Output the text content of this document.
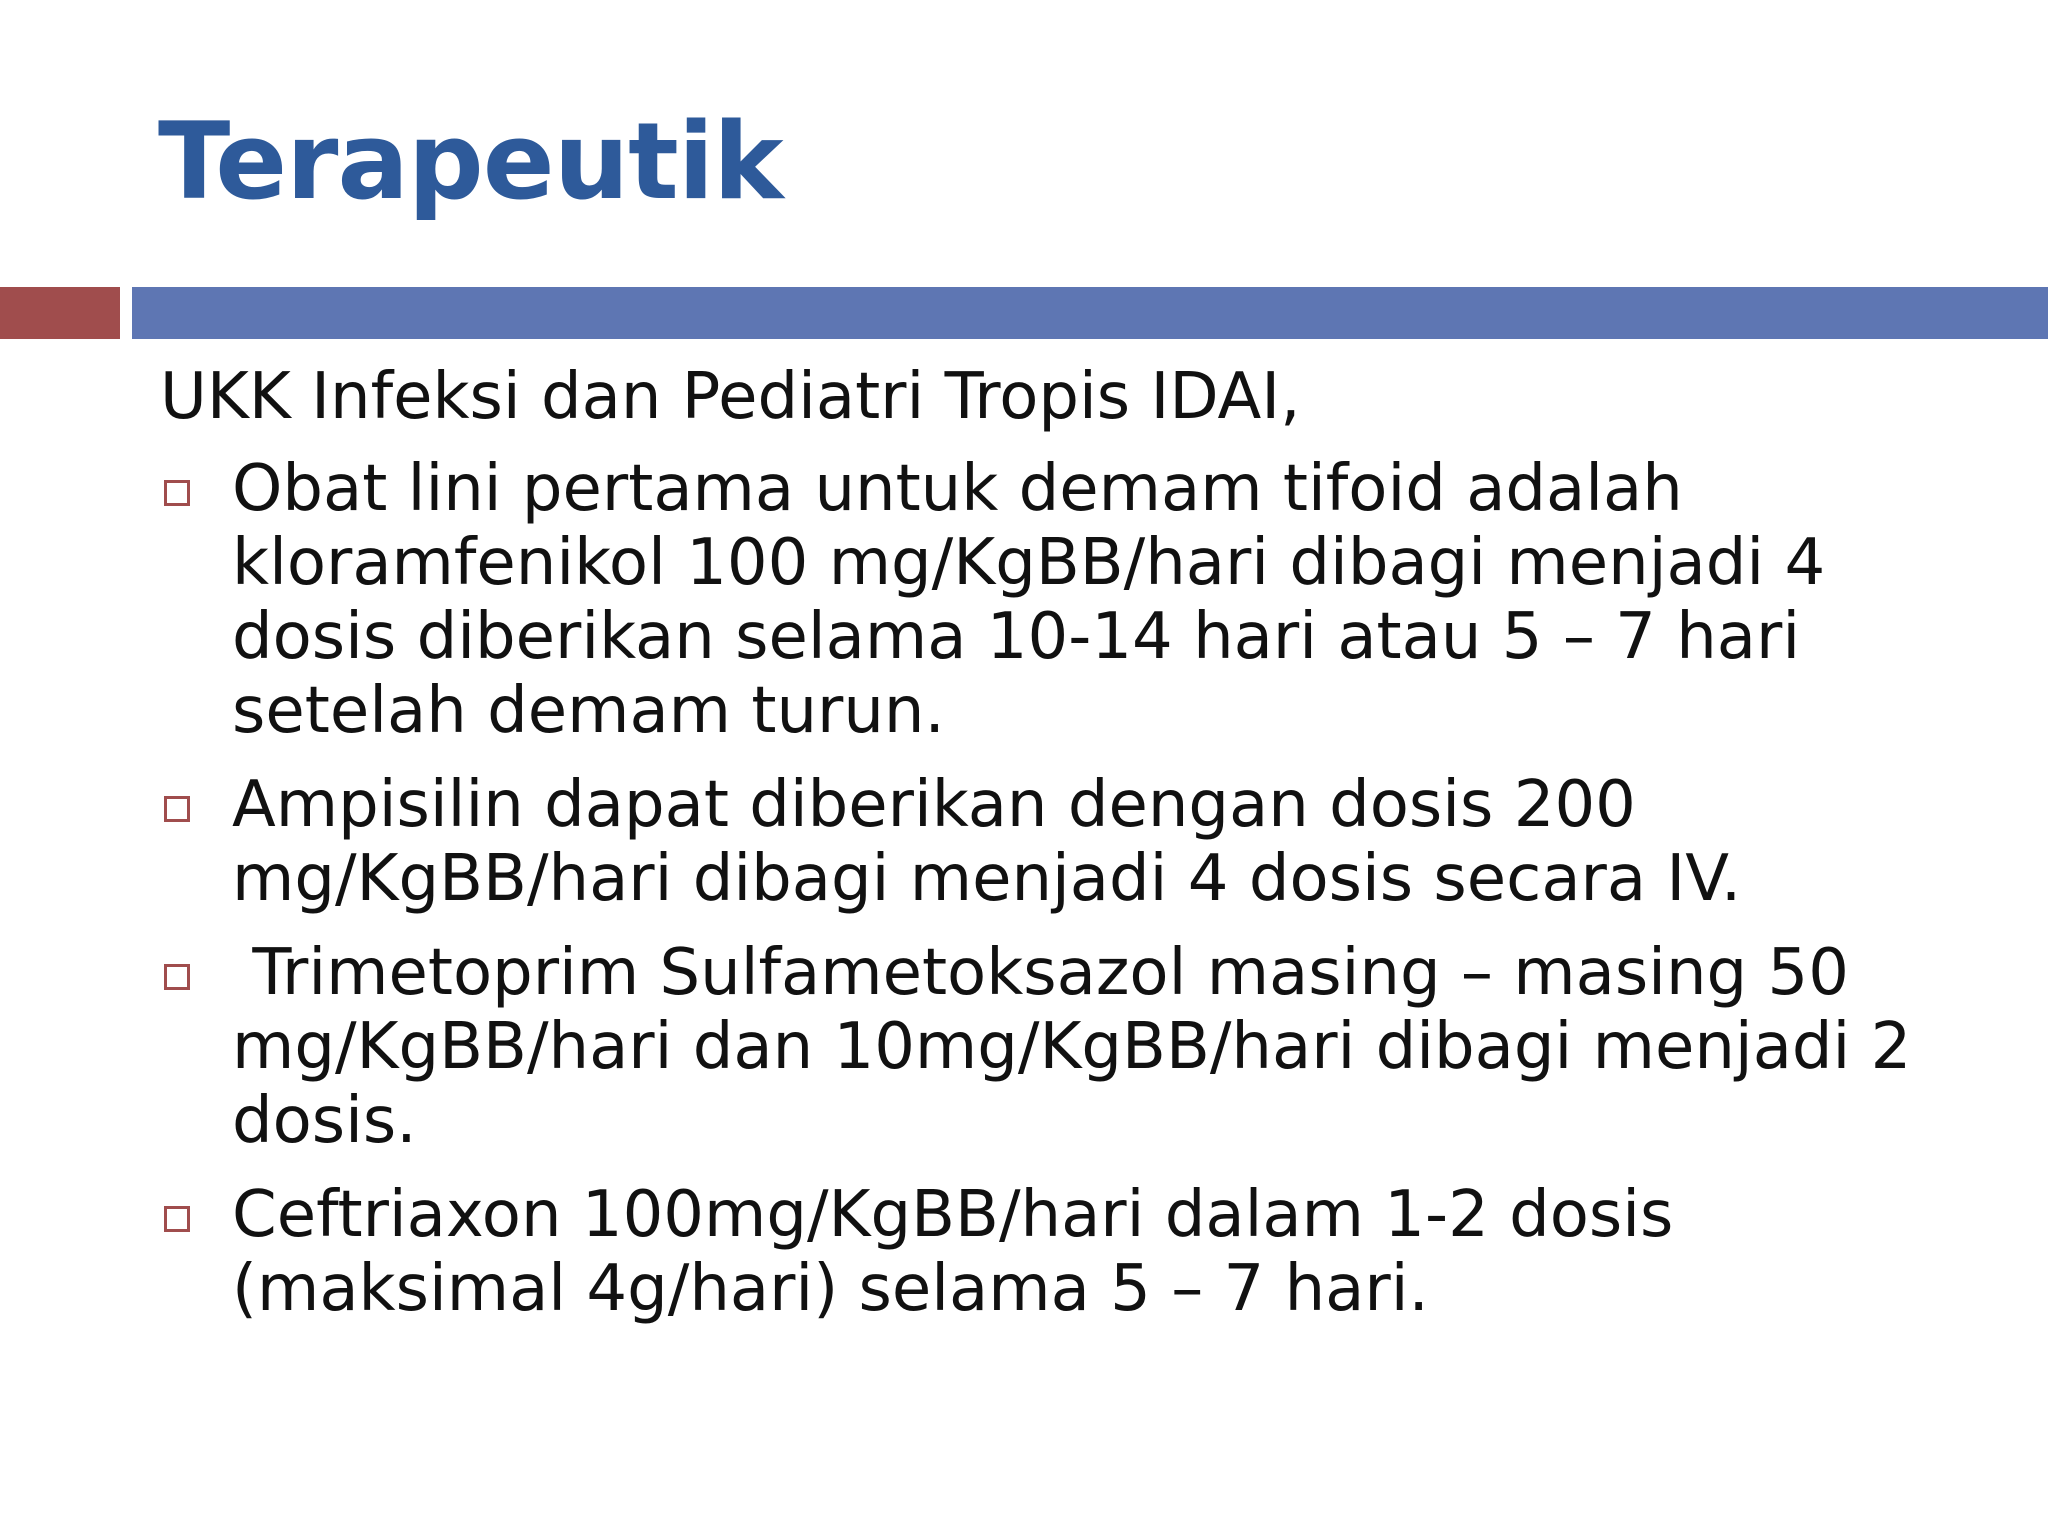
Terapeutik

UKK Infeksi dan Pediatri Tropis IDAI,

Obat lini pertama untuk demam tifoid adalah kloramfenikol 100 mg/KgBB/hari dibagi menjadi 4 dosis diberikan selama 10-14 hari atau 5 – 7 hari setelah demam turun.
Ampisilin dapat diberikan dengan dosis 200 mg/KgBB/hari dibagi menjadi 4 dosis secara IV.
Trimetoprim Sulfametoksazol masing – masing 50 mg/KgBB/hari dan 10mg/KgBB/hari dibagi menjadi 2 dosis.
Ceftriaxon 100mg/KgBB/hari dalam 1-2 dosis (maksimal 4g/hari) selama 5 – 7 hari.
